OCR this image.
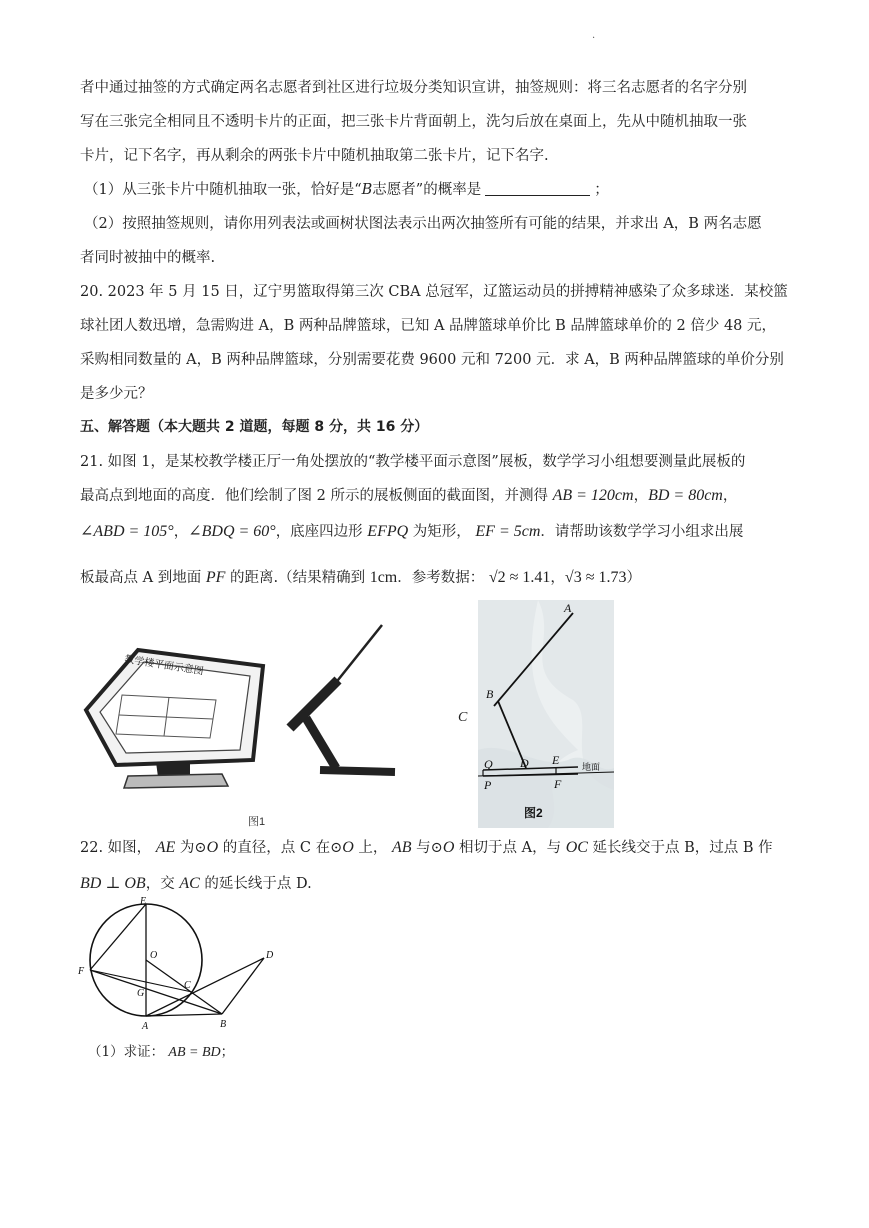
.
者中通过抽签的方式确定两名志愿者到社区进行垃圾分类知识宣讲，抽签规则：将三名志愿者的名字分别
写在三张完全相同且不透明卡片的正面，把三张卡片背面朝上，洗匀后放在桌面上，先从中随机抽取一张
卡片，记下名字，再从剩余的两张卡片中随机抽取第二张卡片，记下名字.
（1）从三张卡片中随机抽取一张，恰好是“B志愿者”的概率是	；
（2）按照抽签规则，请你用列表法或画树状图法表示出两次抽签所有可能的结果，并求出 A，B 两名志愿
者同时被抽中的概率.
20. 2023 年 5 月 15 日，辽宁男篮取得第三次 CBA 总冠军，辽篮运动员的拼搏精神感染了众多球迷．某校篮
球社团人数迅增，急需购进 A，B 两种品牌篮球，已知 A 品牌篮球单价比 B 品牌篮球单价的 2 倍少 48 元，
采购相同数量的 A，B 两种品牌篮球，分别需要花费 9600 元和 7200 元．求 A，B 两种品牌篮球的单价分别
是多少元？
五、解答题（本大题共 2 道题，每题 8 分，共 16 分）
21. 如图 1，是某校教学楼正厅一角处摆放的“教学楼平面示意图”展板，数学学习小组想要测量此展板的
最高点到地面的高度．他们绘制了图 2 所示的展板侧面的截面图，并测得 AB = 120cm，BD = 80cm，
∠ABD = 105°，∠BDQ = 60°，底座四边形 EFPQ 为矩形， EF = 5cm．请帮助该数学学习小组求出展
板最高点 A 到地面 PF 的距离.（结果精确到 1cm．参考数据： √2 ≈ 1.41，√3 ≈ 1.73）
教学楼平面示意图
图1
A
B
D E
F
Q
P
地面
图2
C
22. 如图， AE 为⊙O 的直径，点 C 在⊙O 上， AB 与⊙O 相切于点 A，与 OC 延长线交于点 B，过点 B 作
BD ⊥ OB，交 AC 的延长线于点 D.
E
F
O
G
C
A	B
D
（1）求证： AB = BD；
